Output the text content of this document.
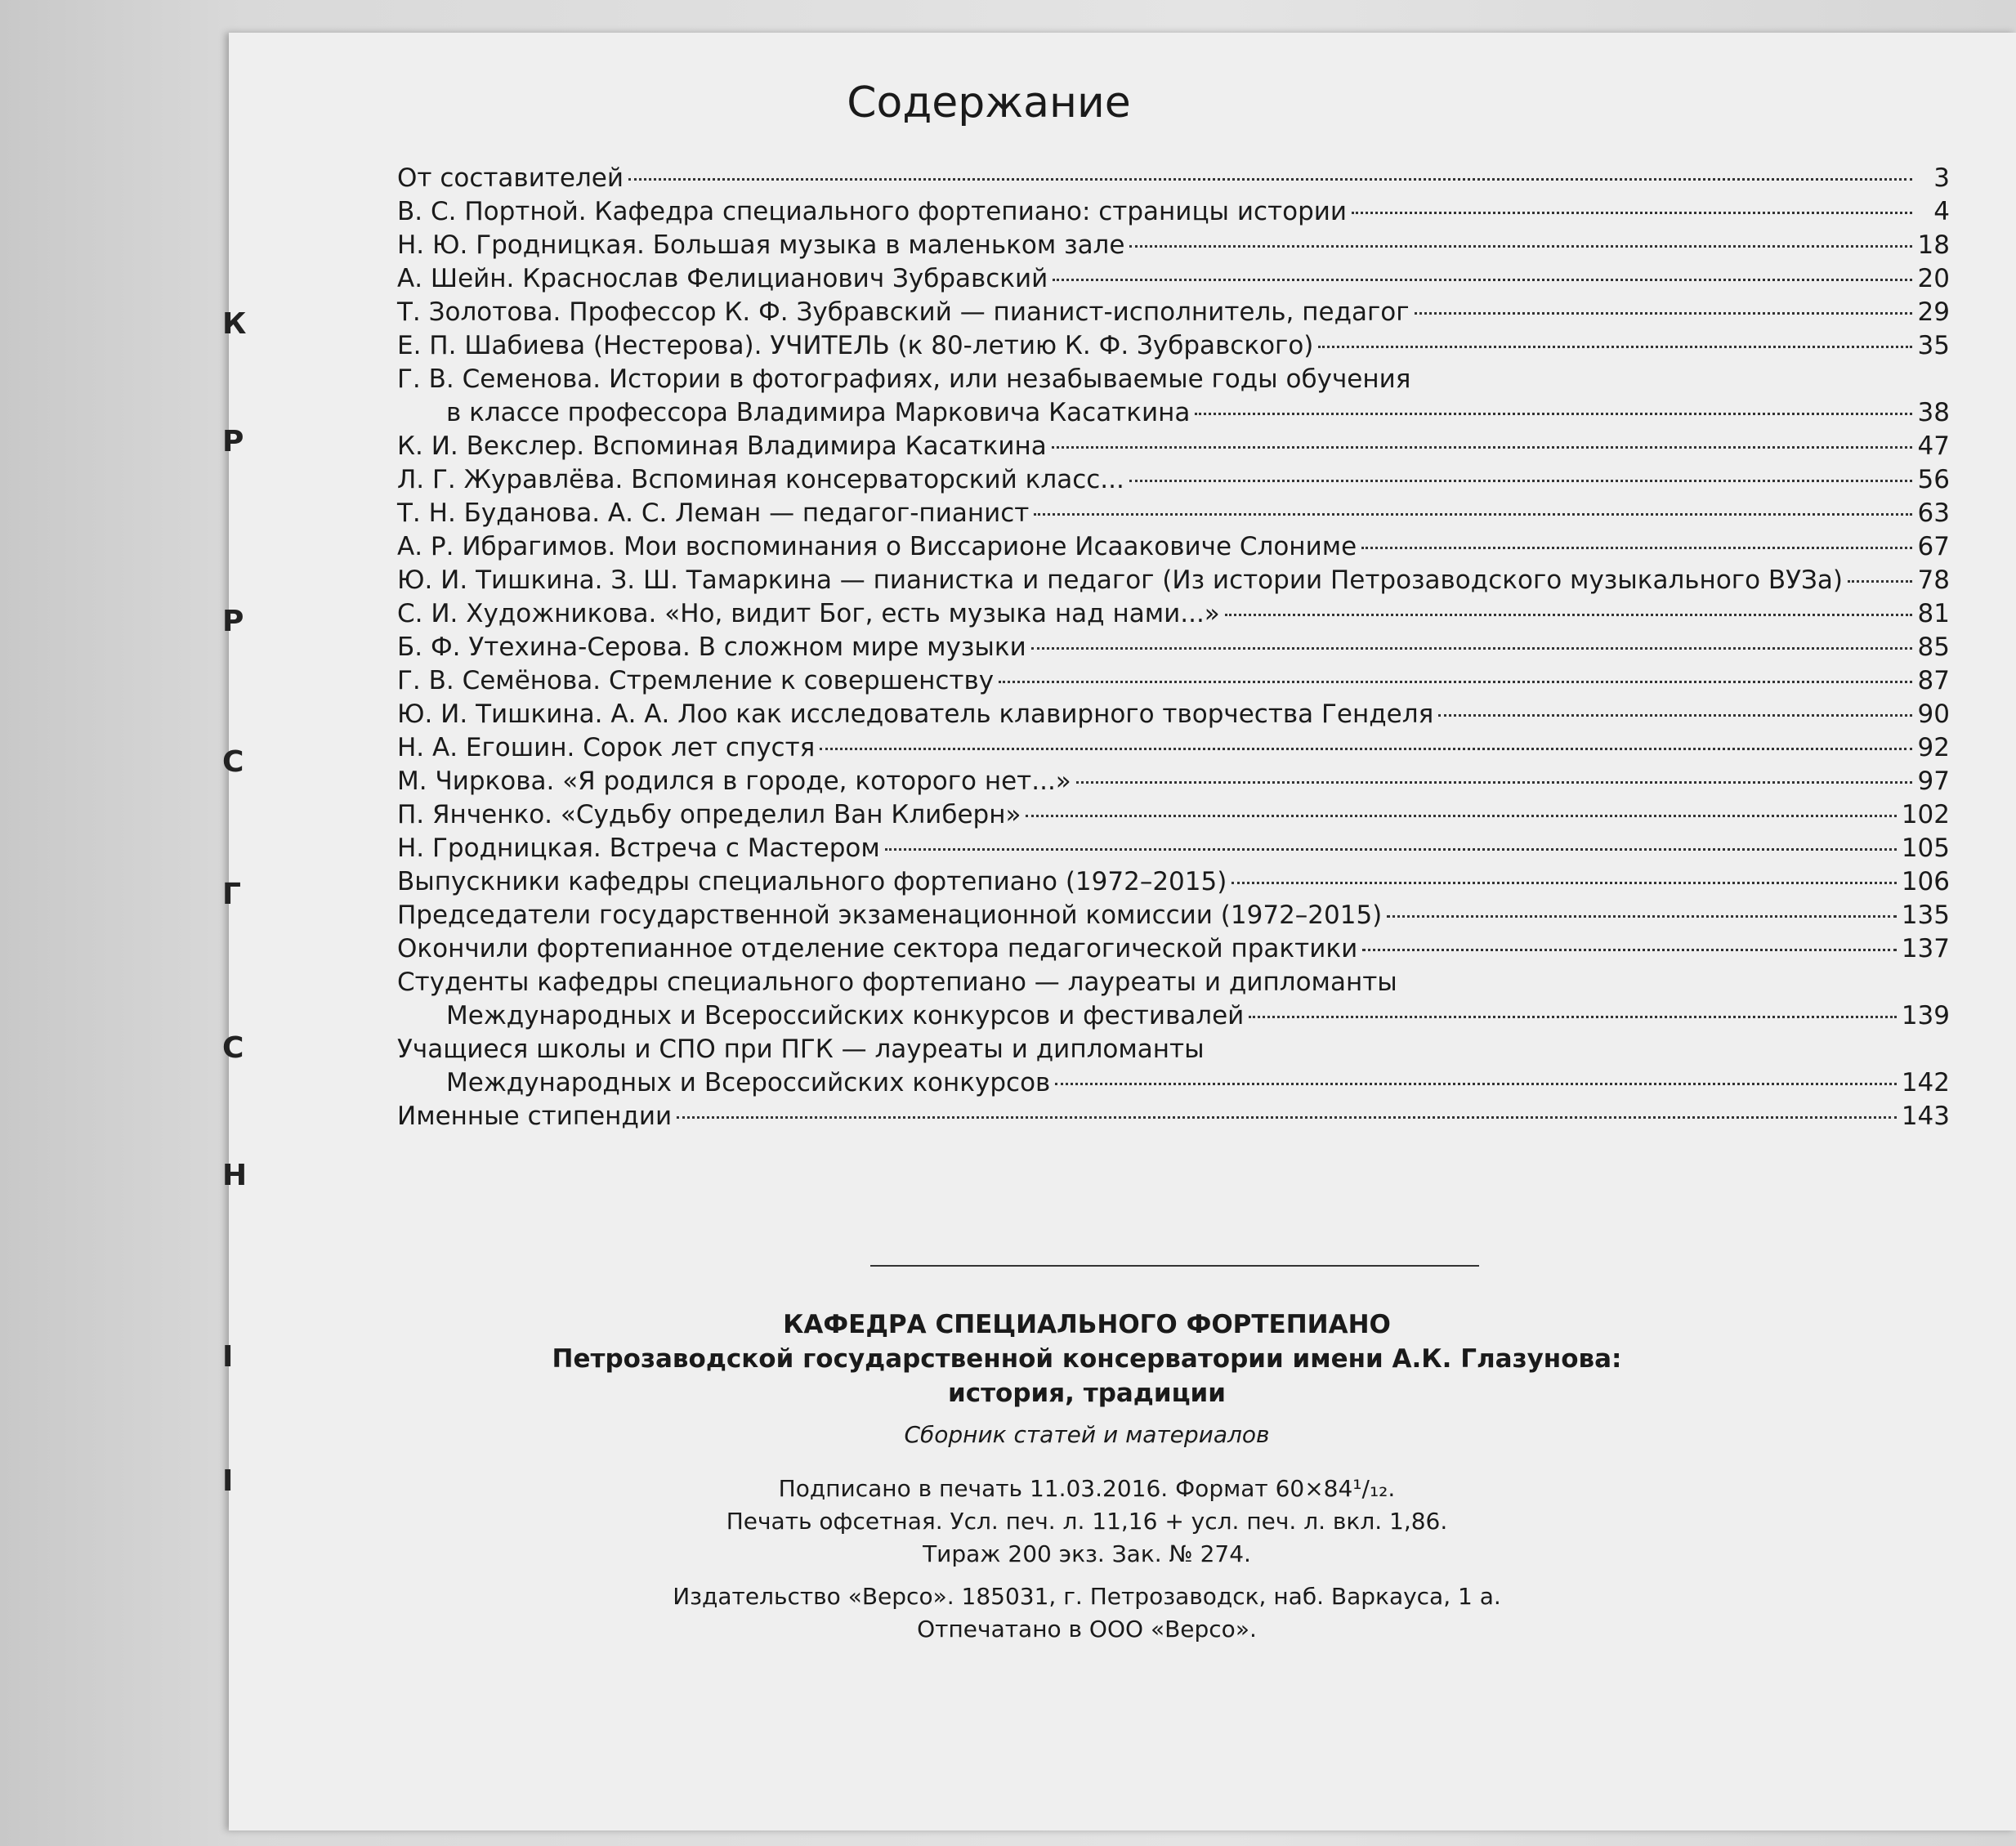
К
Р
Р
С
Г
С
Н
I
I
Содержание
От составителей	3
В. С. Портной. Кафедра специального фортепиано: страницы истории	4
Н. Ю. Гродницкая. Большая музыка в маленьком зале	18
А. Шейн. Краснослав Фелицианович Зубравский	20
Т. Золотова. Профессор К. Ф. Зубравский — пианист-исполнитель, педагог	29
Е. П. Шабиева (Нестерова). УЧИТЕЛЬ (к 80-летию К. Ф. Зубравского)	35
Г. В. Семенова. Истории в фотографиях, или незабываемые годы обучения
в классе профессора Владимира Марковича Касаткина	38
К. И. Векслер. Вспоминая Владимира Касаткина	47
Л. Г. Журавлёва. Вспоминая консерваторский класс...	56
Т. Н. Буданова. А. С. Леман — педагог-пианист	63
А. Р. Ибрагимов. Мои воспоминания о Виссарионе Исааковиче Слониме	67
Ю. И. Тишкина. З. Ш. Тамаркина — пианистка и педагог (Из истории Петрозаводского музыкального ВУЗа)	78
С. И. Художникова. «Но, видит Бог, есть музыка над нами...»	81
Б. Ф. Утехина-Серова. В сложном мире музыки	85
Г. В. Семёнова. Стремление к совершенству	87
Ю. И. Тишкина. А. А. Лоо как исследователь клавирного творчества Генделя	90
Н. А. Егошин. Сорок лет спустя	92
М. Чиркова. «Я родился в городе, которого нет...»	97
П. Янченко. «Судьбу определил Ван Клиберн»	102
Н. Гродницкая. Встреча с Мастером	105
Выпускники кафедры специального фортепиано (1972–2015)	106
Председатели государственной экзаменационной комиссии (1972–2015)	135
Окончили фортепианное отделение сектора педагогической практики	137
Студенты кафедры специального фортепиано — лауреаты и дипломанты
Международных и Всероссийских конкурсов и фестивалей	139
Учащиеся школы и СПО при ПГК — лауреаты и дипломанты
Международных и Всероссийских конкурсов	142
Именные стипендии	143
КАФЕДРА СПЕЦИАЛЬНОГО ФОРТЕПИАНО
Петрозаводской государственной консерватории имени А.К. Глазунова:
история, традиции
Сборник статей и материалов
Подписано в печать 11.03.2016. Формат 60×84¹/₁₂.
Печать офсетная. Усл. печ. л. 11,16 + усл. печ. л. вкл. 1,86.
Тираж 200 экз. Зак. № 274.
Издательство «Версо». 185031, г. Петрозаводск, наб. Варкауса, 1 а.
Отпечатано в ООО «Версо».
